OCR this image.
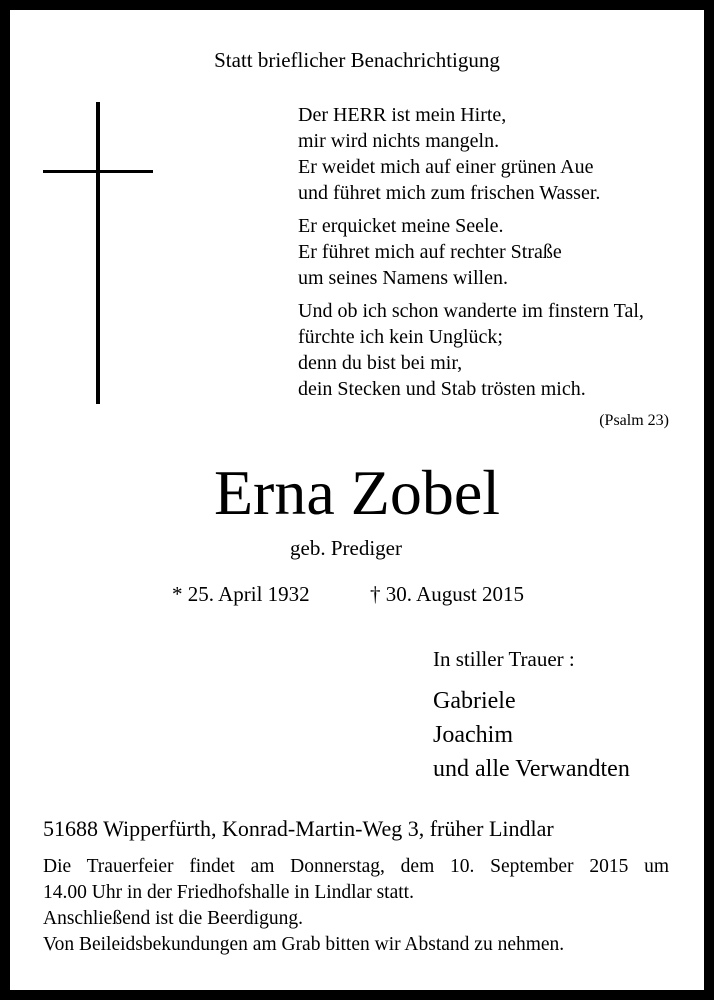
Statt brieflicher Benachrichtigung
Der HERR ist mein Hirte,
mir wird nichts mangeln.
Er weidet mich auf einer grünen Aue
und führet mich zum frischen Wasser.
Er erquicket meine Seele.
Er führet mich auf rechter Straße
um seines Namens willen.
Und ob ich schon wanderte im finstern Tal,
fürchte ich kein Unglück;
denn du bist bei mir,
dein Stecken und Stab trösten mich.
(Psalm 23)
Erna Zobel
geb. Prediger
* 25. April 1932	† 30. August 2015
In stiller Trauer :
Gabriele
Joachim
und alle Verwandten
51688 Wipperfürth, Konrad-Martin-Weg 3, früher Lindlar
Die Trauerfeier findet am Donnerstag, dem 10. September 2015 um
14.00 Uhr in der Friedhofshalle in Lindlar statt.
Anschließend ist die Beerdigung.
Von Beileidsbekundungen am Grab bitten wir Abstand zu nehmen.
